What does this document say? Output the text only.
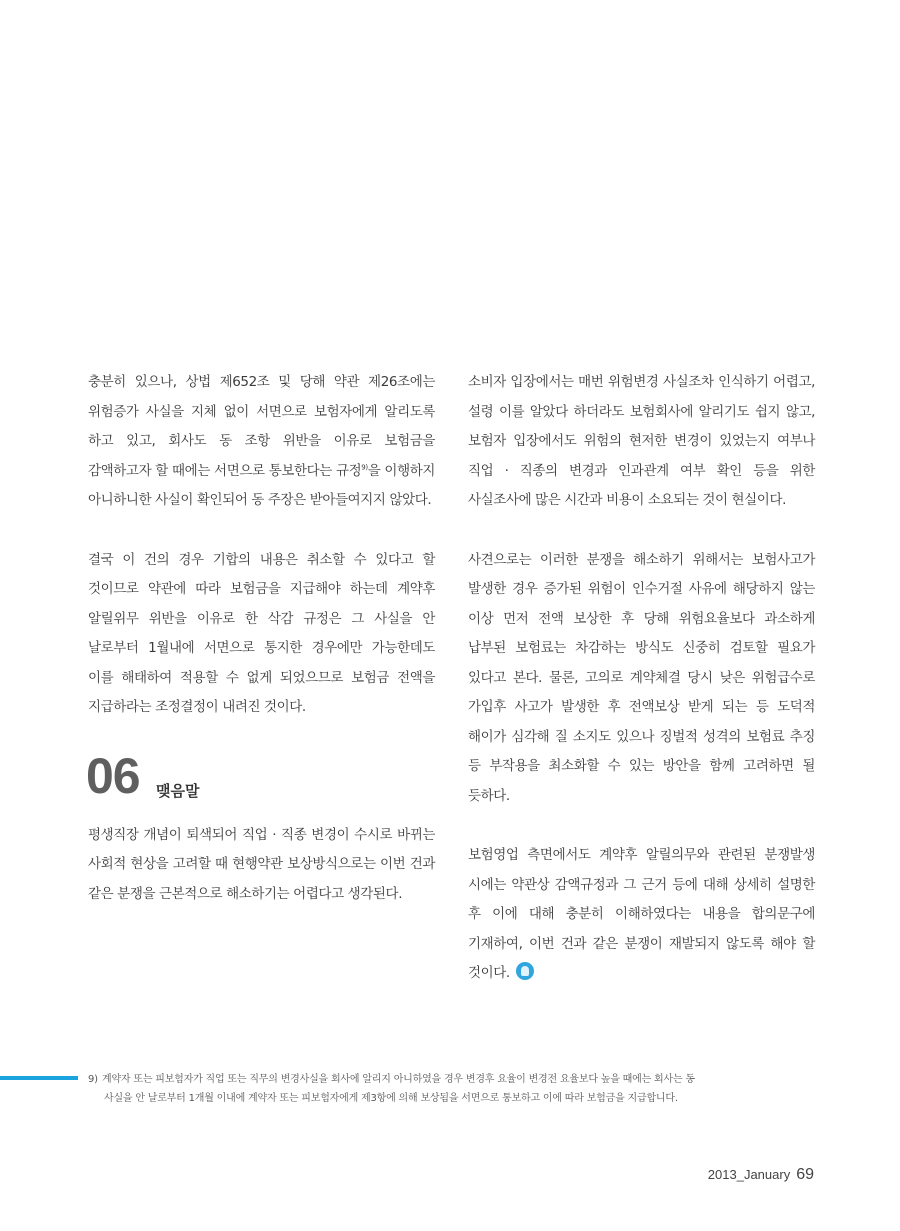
충분히 있으나, 상법 제652조 및 당해 약관 제26조에는 위험증가 사실을 지체 없이 서면으로 보험자에게 알리도록 하고 있고, 회사도 동 조항 위반을 이유로 보험금을 감액하고자 할 때에는 서면으로 통보한다는 규정$^{9)}$을 이행하지 아니하니한 사실이 확인되어 동 주장은 받아들여지지 않았다.

결국 이 건의 경우 기합의 내용은 취소할 수 있다고 할 것이므로 약관에 따라 보험금을 지급해야 하는데 계약후 알릴위무 위반을 이유로 한 삭감 규정은 그 사실을 안 날로부터 1월내에 서면으로 통지한 경우에만 가능한데도 이를 해태하여 적용할 수 없게 되었으므로 보험금 전액을 지급하라는 조정결정이 내려진 것이다.

06 맺음말

평생직장 개념이 퇴색되어 직업 · 직종 변경이 수시로 바뀌는 사회적 현상을 고려할 때 현행약관 보상방식으로는 이번 건과 같은 분쟁을 근본적으로 해소하기는 어렵다고 생각된다.

소비자 입장에서는 매번 위험변경 사실조차 인식하기 어렵고, 설령 이를 알았다 하더라도 보험회사에 알리기도 쉽지 않고, 보험자 입장에서도 위험의 현저한 변경이 있었는지 여부나 직업 · 직종의 변경과 인과관계 여부 확인 등을 위한 사실조사에 많은 시간과 비용이 소요되는 것이 현실이다.

사견으로는 이러한 분쟁을 해소하기 위해서는 보험사고가 발생한 경우 증가된 위험이 인수거절 사유에 해당하지 않는 이상 먼저 전액 보상한 후 당해 위험요율보다 과소하게 납부된 보험료는 차감하는 방식도 신중히 검토할 필요가 있다고 본다. 물론, 고의로 계약체결 당시 낮은 위험급수로 가입후 사고가 발생한 후 전액보상 받게 되는 등 도덕적 해이가 심각해 질 소지도 있으나 징벌적 성격의 보험료 추징 등 부작용을 최소화할 수 있는 방안을 함께 고려하면 될 듯하다.

보험영업 측면에서도 계약후 알릴의무와 관련된 분쟁발생 시에는 약관상 감액규정과 그 근거 등에 대해 상세히 설명한 후 이에 대해 충분히 이해하였다는 내용을 합의문구에 기재하여, 이번 건과 같은 분쟁이 재발되지 않도록 해야 할 것이다.

9) 계약자 또는 피보험자가 직업 또는 직무의 변경사실을 회사에 알리지 아니하였을 경우 변경후 요율이 변경전 요율보다 높을 때에는 회사는 동
사실을 안 날로부터 1개월 이내에 계약자 또는 피보험자에게 제3항에 의해 보상됨을 서면으로 통보하고 이에 따라 보험금을 지급합니다.
2013_January 69
